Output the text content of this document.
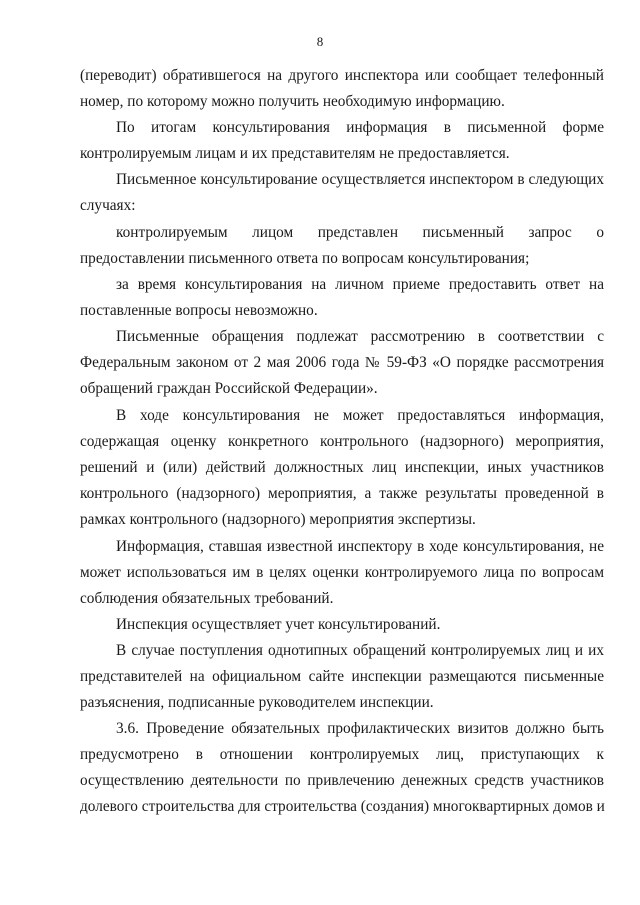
8
(переводит) обратившегося на другого инспектора или сообщает телефонный
номер, по которому можно получить необходимую информацию.
По итогам консультирования информация в письменной форме
контролируемым лицам и их представителям не предоставляется.
Письменное консультирование осуществляется инспектором в следующих
случаях:
контролируемым лицом представлен письменный запрос о
предоставлении письменного ответа по вопросам консультирования;
за время консультирования на личном приеме предоставить ответ на
поставленные вопросы невозможно.
Письменные обращения подлежат рассмотрению в соответствии с
Федеральным законом от 2 мая 2006 года № 59-ФЗ «О порядке рассмотрения
обращений граждан Российской Федерации».
В ходе консультирования не может предоставляться информация,
содержащая оценку конкретного контрольного (надзорного) мероприятия,
решений и (или) действий должностных лиц инспекции, иных участников
контрольного (надзорного) мероприятия, а также результаты проведенной в
рамках контрольного (надзорного) мероприятия экспертизы.
Информация, ставшая известной инспектору в ходе консультирования, не
может использоваться им в целях оценки контролируемого лица по вопросам
соблюдения обязательных требований.
Инспекция осуществляет учет консультирований.
В случае поступления однотипных обращений контролируемых лиц и их
представителей на официальном сайте инспекции размещаются письменные
разъяснения, подписанные руководителем инспекции.
3.6. Проведение обязательных профилактических визитов должно быть
предусмотрено в отношении контролируемых лиц, приступающих к
осуществлению деятельности по привлечению денежных средств участников
долевого строительства для строительства (создания) многоквартирных домов и
